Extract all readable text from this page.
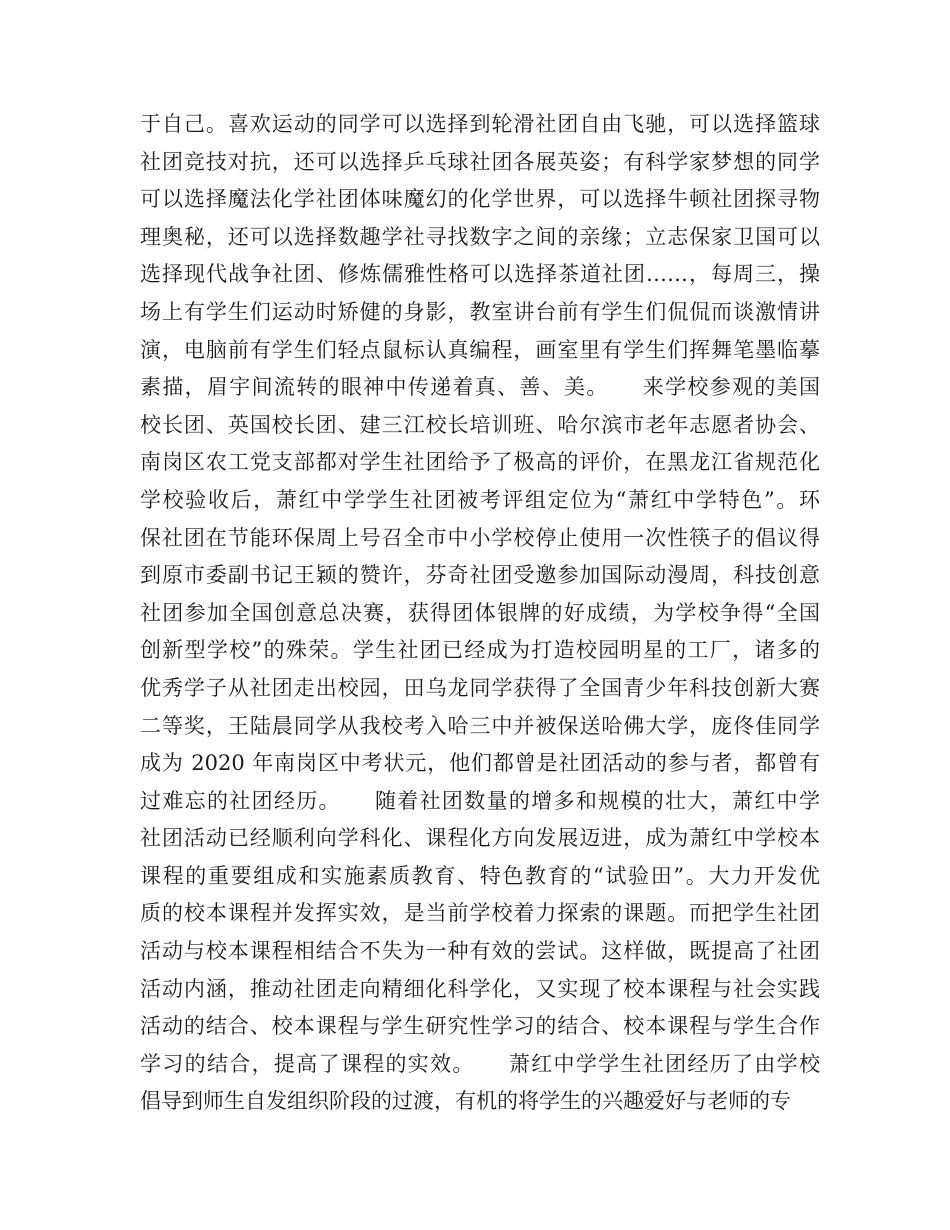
于自己。喜欢运动的同学可以选择到轮滑社团自由飞驰，可以选择篮球
社团竞技对抗，还可以选择乒乓球社团各展英姿；有科学家梦想的同学
可以选择魔法化学社团体味魔幻的化学世界，可以选择牛顿社团探寻物
理奥秘，还可以选择数趣学社寻找数字之间的亲缘；立志保家卫国可以
选择现代战争社团、修炼儒雅性格可以选择茶道社团……，每周三，操
场上有学生们运动时矫健的身影，教室讲台前有学生们侃侃而谈激情讲
演，电脑前有学生们轻点鼠标认真编程，画室里有学生们挥舞笔墨临摹
素描，眉宇间流转的眼神中传递着真、善、美。　　来学校参观的美国
校长团、英国校长团、建三江校长培训班、哈尔滨市老年志愿者协会、
南岗区农工党支部都对学生社团给予了极高的评价，在黑龙江省规范化
学校验收后，萧红中学学生社团被考评组定位为“萧红中学特色”。环
保社团在节能环保周上号召全市中小学校停止使用一次性筷子的倡议得
到原市委副书记王颖的赞许，芬奇社团受邀参加国际动漫周，科技创意
社团参加全国创意总决赛，获得团体银牌的好成绩，为学校争得“全国
创新型学校”的殊荣。学生社团已经成为打造校园明星的工厂，诸多的
优秀学子从社团走出校园，田乌龙同学获得了全国青少年科技创新大赛
二等奖，王陆晨同学从我校考入哈三中并被保送哈佛大学，庞佟佳同学
成为 2020 年南岗区中考状元，他们都曾是社团活动的参与者，都曾有
过难忘的社团经历。　　随着社团数量的增多和规模的壮大，萧红中学
社团活动已经顺利向学科化、课程化方向发展迈进，成为萧红中学校本
课程的重要组成和实施素质教育、特色教育的“试验田”。大力开发优
质的校本课程并发挥实效，是当前学校着力探索的课题。而把学生社团
活动与校本课程相结合不失为一种有效的尝试。这样做，既提高了社团
活动内涵，推动社团走向精细化科学化，又实现了校本课程与社会实践
活动的结合、校本课程与学生研究性学习的结合、校本课程与学生合作
学习的结合，提高了课程的实效。　　萧红中学学生社团经历了由学校
倡导到师生自发组织阶段的过渡，有机的将学生的兴趣爱好与老师的专
